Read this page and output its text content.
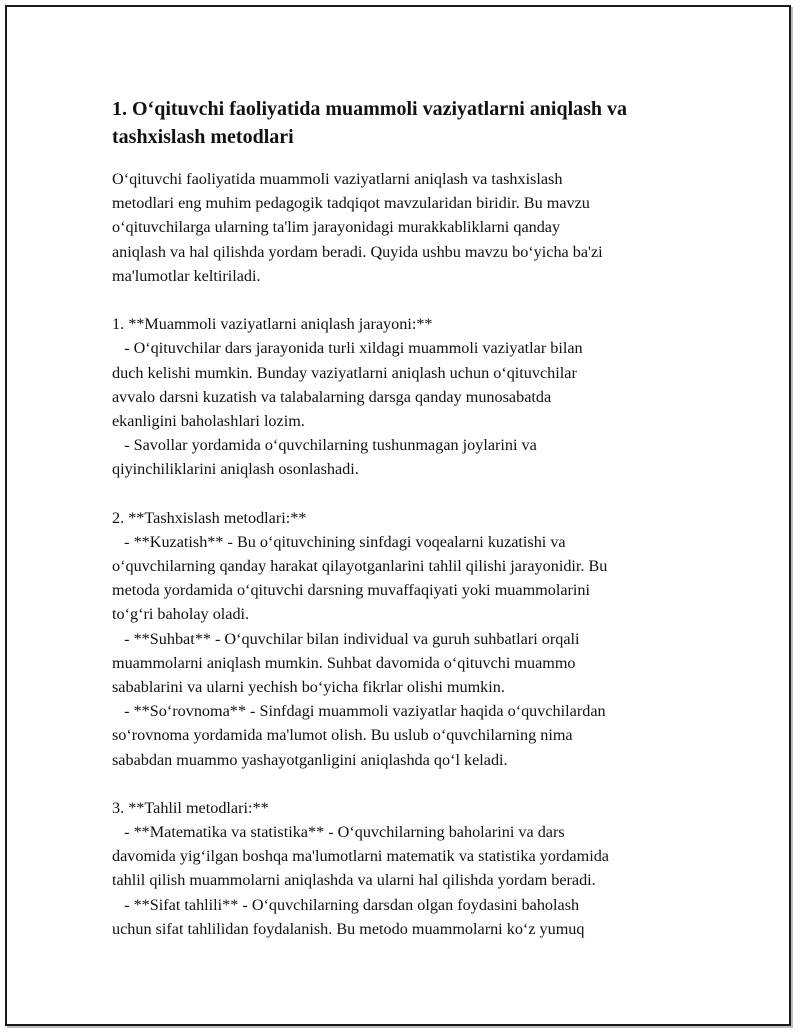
1. O‘qituvchi faoliyatida muammoli vaziyatlarni aniqlash va
tashxislash metodlari
O‘qituvchi faoliyatida muammoli vaziyatlarni aniqlash va tashxislash
metodlari eng muhim pedagogik tadqiqot mavzularidan biridir. Bu mavzu
o‘qituvchilarga ularning ta'lim jarayonidagi murakkabliklarni qanday
aniqlash va hal qilishda yordam beradi. Quyida ushbu mavzu bo‘yicha ba'zi
ma'lumotlar keltiriladi.
1. **Muammoli vaziyatlarni aniqlash jarayoni:**
- O‘qituvchilar dars jarayonida turli xildagi muammoli vaziyatlar bilan
duch kelishi mumkin. Bunday vaziyatlarni aniqlash uchun o‘qituvchilar
avvalo darsni kuzatish va talabalarning darsga qanday munosabatda
ekanligini baholashlari lozim.
- Savollar yordamida o‘quvchilarning tushunmagan joylarini va
qiyinchiliklarini aniqlash osonlashadi.
2. **Tashxislash metodlari:**
- **Kuzatish** - Bu o‘qituvchining sinfdagi voqealarni kuzatishi va
o‘quvchilarning qanday harakat qilayotganlarini tahlil qilishi jarayonidir. Bu
metoda yordamida o‘qituvchi darsning muvaffaqiyati yoki muammolarini
to‘g‘ri baholay oladi.
- **Suhbat** - O‘quvchilar bilan individual va guruh suhbatlari orqali
muammolarni aniqlash mumkin. Suhbat davomida o‘qituvchi muammo
sabablarini va ularni yechish bo‘yicha fikrlar olishi mumkin.
- **So‘rovnoma** - Sinfdagi muammoli vaziyatlar haqida o‘quvchilardan
so‘rovnoma yordamida ma'lumot olish. Bu uslub o‘quvchilarning nima
sababdan muammo yashayotganligini aniqlashda qo‘l keladi.
3. **Tahlil metodlari:**
- **Matematika va statistika** - O‘quvchilarning baholarini va dars
davomida yig‘ilgan boshqa ma'lumotlarni matematik va statistika yordamida
tahlil qilish muammolarni aniqlashda va ularni hal qilishda yordam beradi.
- **Sifat tahlili** - O‘quvchilarning darsdan olgan foydasini baholash
uchun sifat tahlilidan foydalanish. Bu metodo muammolarni ko‘z yumuq
